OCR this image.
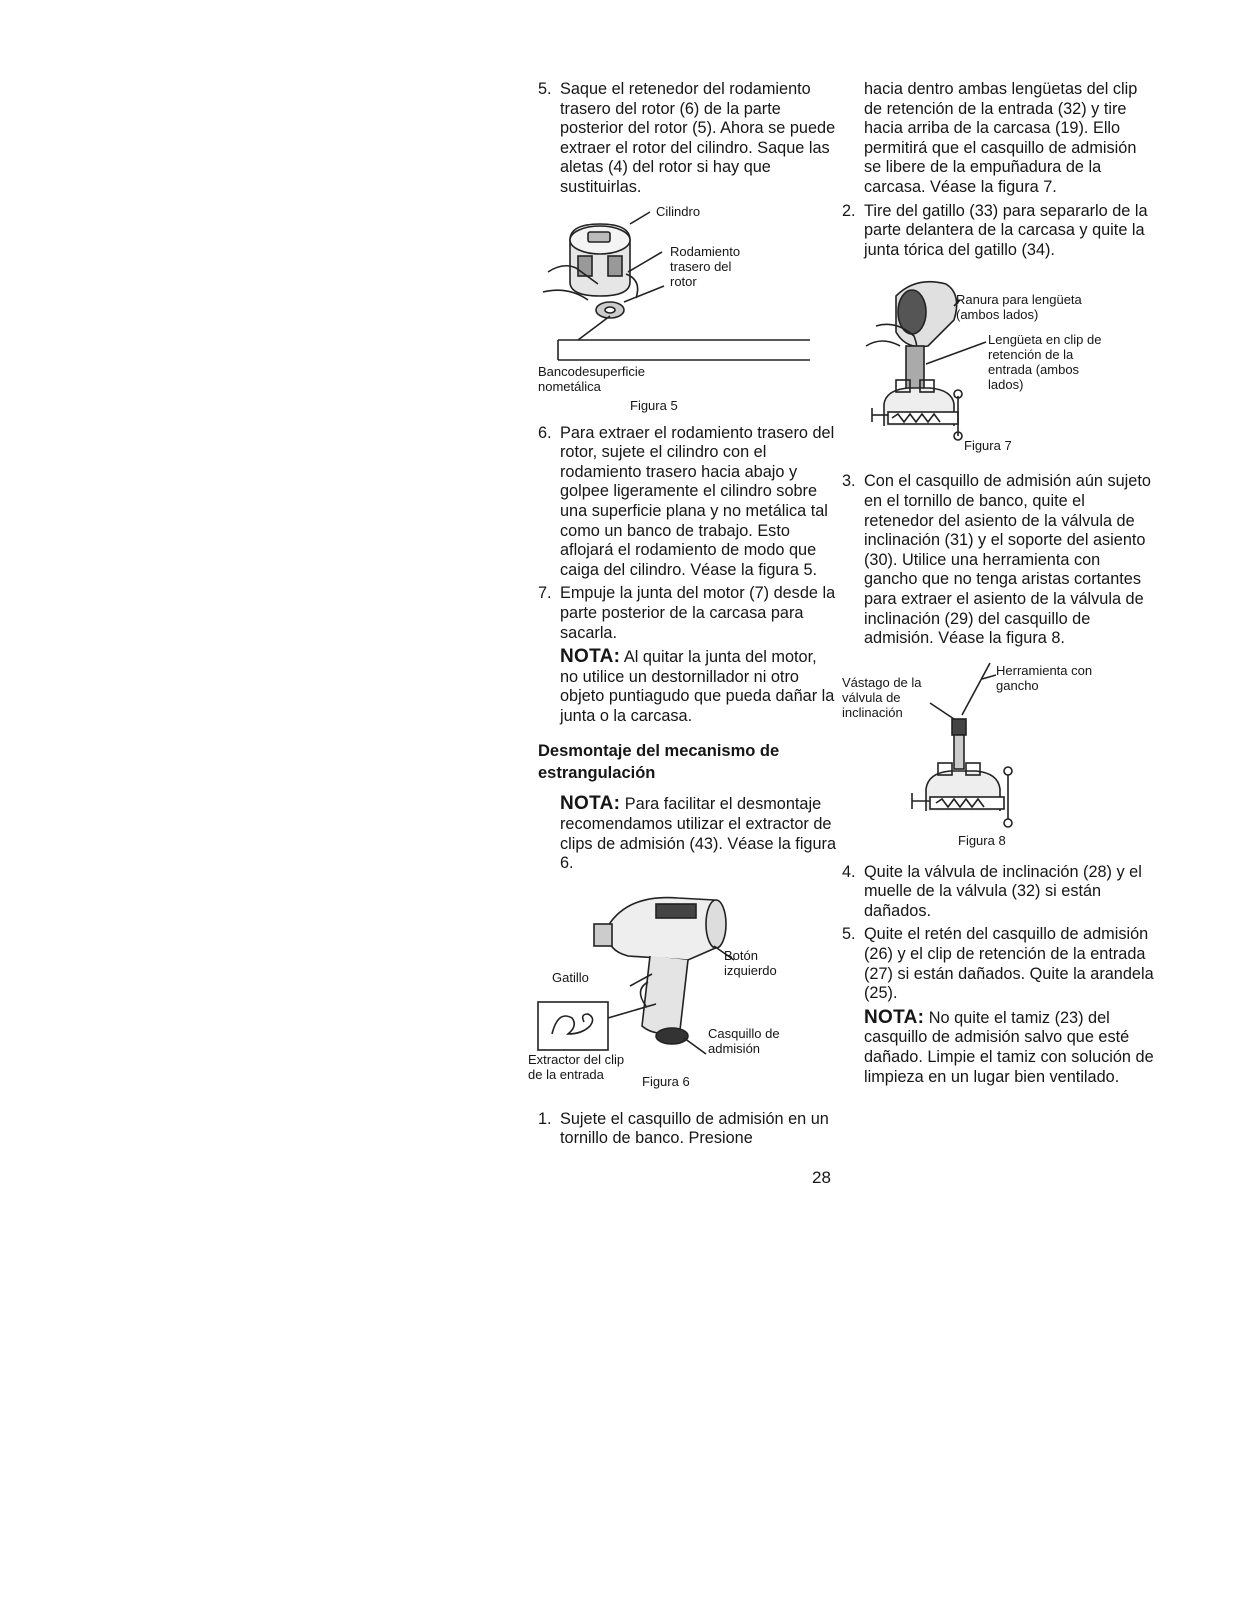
5. Saque el retenedor del rodamiento trasero del rotor (6) de la parte posterior del rotor (5). Ahora se puede extraer el rotor del cilindro. Saque las aletas (4) del rotor si hay que sustituirlas.
Cilindro
Rodamiento trasero del rotor
Bancodesuperficie nometálica
Figura 5
6. Para extraer el rodamiento trasero del rotor, sujete el cilindro con el rodamiento trasero hacia abajo y golpee ligeramente el cilindro sobre una superficie plana y no metálica tal como un banco de trabajo. Esto aflojará el rodamiento de modo que caiga del cilindro. Véase la figura 5.
7. Empuje la junta del motor (7) desde la parte posterior de la carcasa para sacarla.
NOTA: Al quitar la junta del motor, no utilice un destornillador ni otro objeto puntiagudo que pueda dañar la junta o la carcasa.
Desmontaje del mecanismo de estrangulación
NOTA: Para facilitar el desmontaje recomendamos utilizar el extractor de clips de admisión (43). Véase la figura 6.
Botón izquierdo
Gatillo
Casquillo de admisión
Extractor del clip de la entrada	Figura 6
1. Sujete el casquillo de admisión en un tornillo de banco. Presione
hacia dentro ambas lengüetas del clip de retención de la entrada (32) y tire hacia arriba de la carcasa (19). Ello permitirá que el casquillo de admisión se libere de la empuñadura de la carcasa. Véase la figura 7.
2. Tire del gatillo (33) para separarlo de la parte delantera de la carcasa y quite la junta tórica del gatillo (34).
Ranura para lengüeta (ambos lados)
Lengüeta en clip de retención de la entrada (ambos lados)
Figura 7
3. Con el casquillo de admisión aún sujeto en el tornillo de banco, quite el retenedor del asiento de la válvula de inclinación (31) y el soporte del asiento (30). Utilice una herramienta con gancho que no tenga aristas cortantes para extraer el asiento de la válvula de inclinación (29) del casquillo de admisión. Véase la figura 8.
Herramienta con gancho
Vástago de la válvula de inclinación
Figura 8
4. Quite la válvula de inclinación (28) y el muelle de la válvula (32) si están dañados.
5. Quite el retén del casquillo de admisión (26) y el clip de retención de la entrada (27) si están dañados. Quite la arandela (25).
NOTA: No quite el tamiz (23) del casquillo de admisión salvo que esté dañado. Limpie el tamiz con solución de limpieza en un lugar bien ventilado.
28
